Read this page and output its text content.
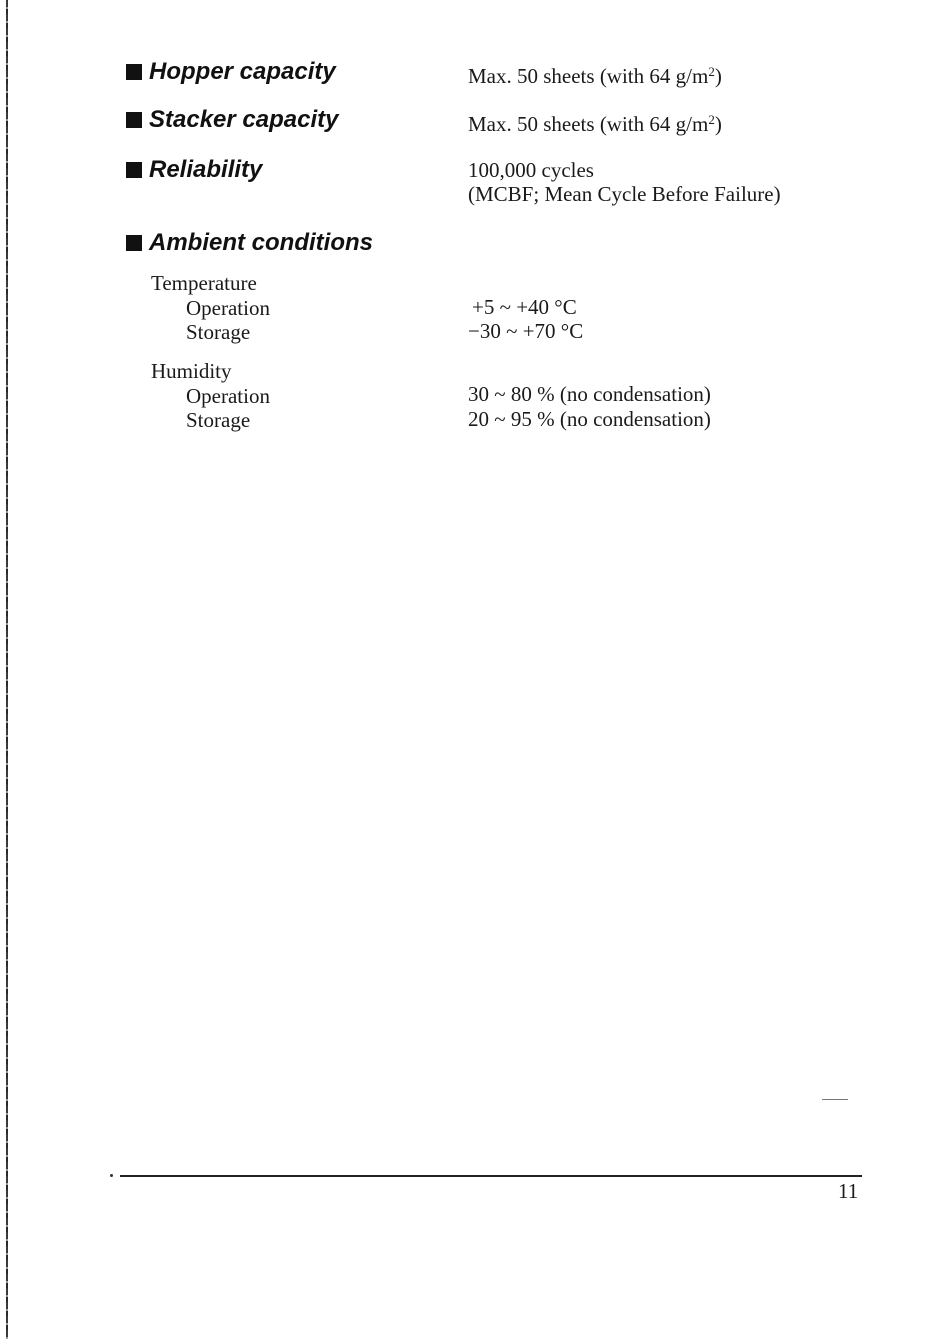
Hopper capacity	Max. 50 sheets (with 64 $g/m^2$)
Stacker capacity	Max. 50 sheets (with 64 $g/m^2$)
Reliability	100,000 cycles
(MCBF; Mean Cycle Before Failure)
Ambient conditions
Temperature
Operation	+5 ~ +40 °C
Storage	−30 ~ +70 °C
Humidity
Operation	30 ~ 80 % (no condensation)
Storage	20 ~ 95 % (no condensation)
11
